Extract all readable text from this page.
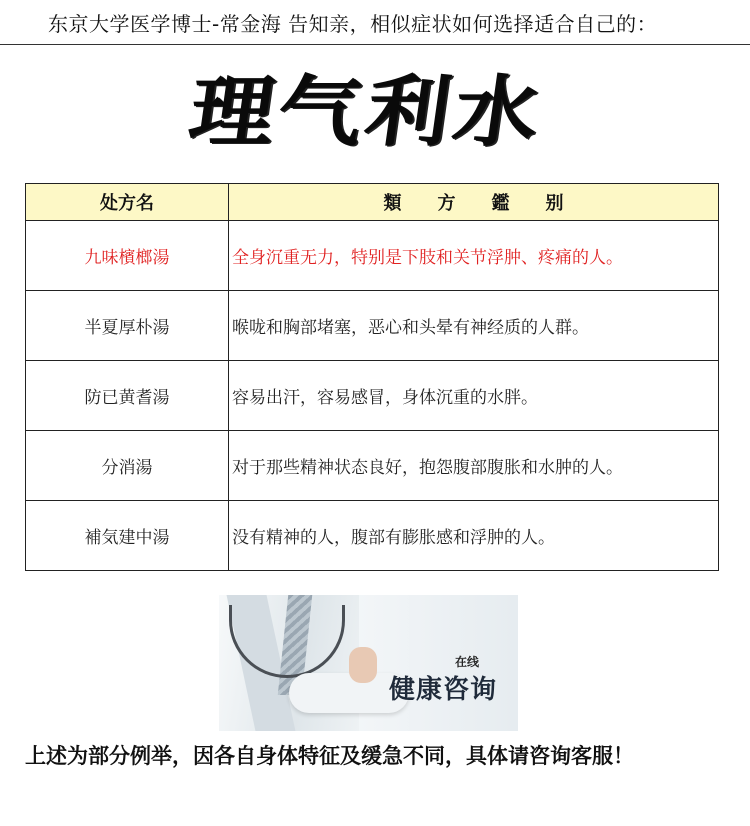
东京大学医学博士-常金海 告知亲，相似症状如何选择适合自己的：
理气利水
处方名	類　　方　　鑑　　别
九味檳榔湯	全身沉重无力，特别是下肢和关节浮肿、疼痛的人。
半夏厚朴湯	喉咙和胸部堵塞，恶心和头晕有神经质的人群。
防已黄耆湯	容易出汗，容易感冒，身体沉重的水胖。
分消湯	对于那些精神状态良好，抱怨腹部腹胀和水肿的人。
補気建中湯	没有精神的人，腹部有膨胀感和浮肿的人。
在线
健康咨询
上述为部分例举，因各自身体特征及缓急不同，具体请咨询客服！
